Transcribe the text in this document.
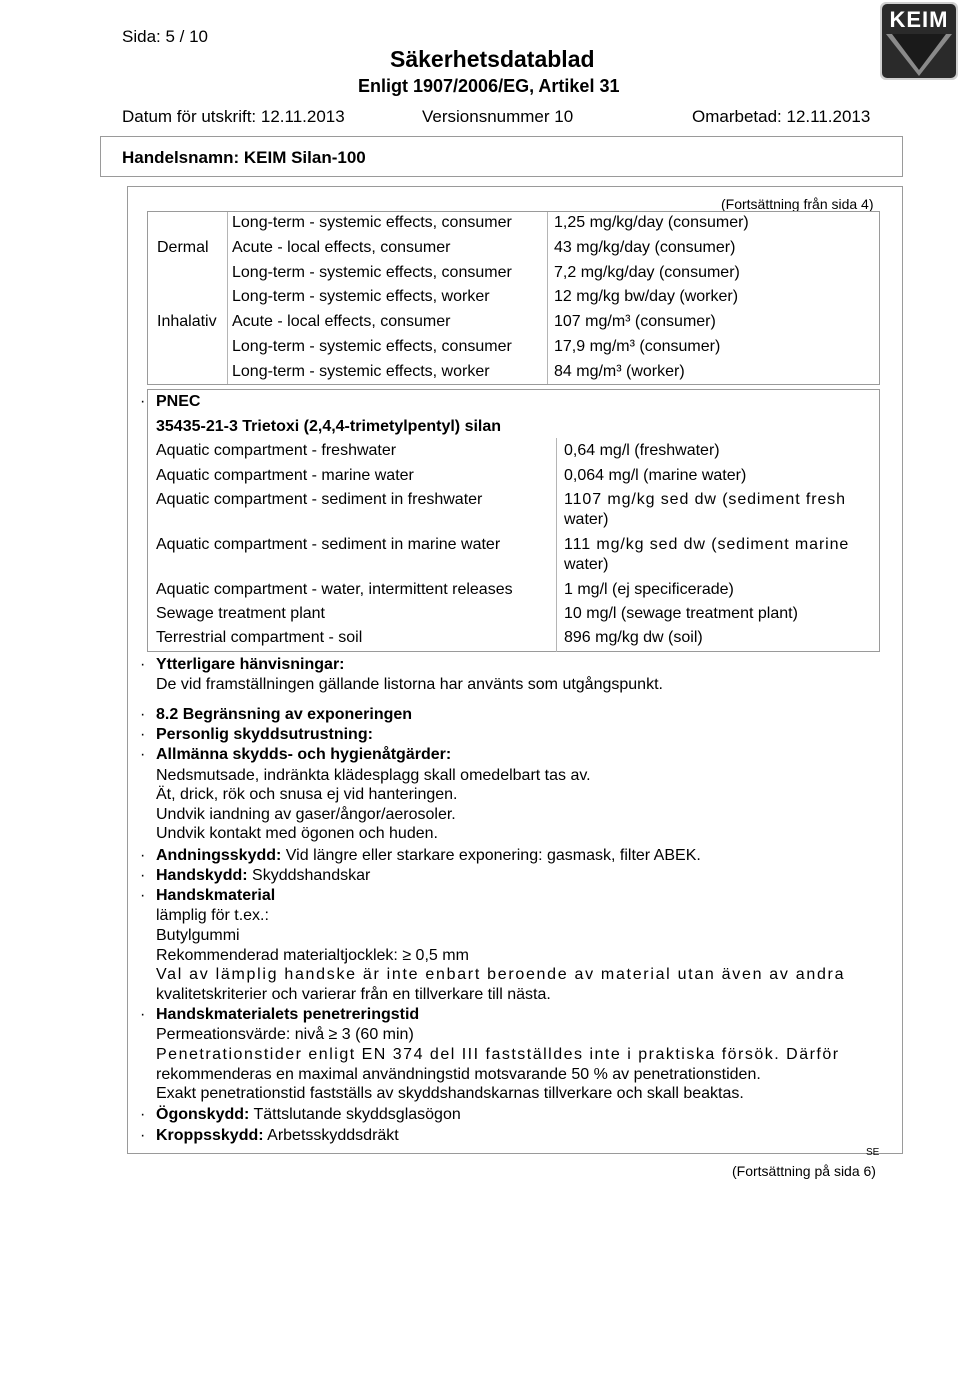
Sida: 5 / 10
Säkerhetsdatablad
Enligt 1907/2006/EG, Artikel 31
KEIM
Datum för utskrift: 12.11.2013	Versionsnummer 10	Omarbetad: 12.11.2013
Handelsnamn: KEIM Silan-100
(Fortsättning från sida 4)
Long-term - systemic effects, consumer	1,25 mg/kg/day (consumer)
Dermal Acute - local effects, consumer	43 mg/kg/day (consumer)
Long-term - systemic effects, consumer	7,2 mg/kg/day (consumer)
Long-term - systemic effects, worker	12 mg/kg bw/day (worker)
Inhalativ Acute - local effects, consumer	107 mg/m³ (consumer)
Long-term - systemic effects, consumer	17,9 mg/m³ (consumer)
Long-term - systemic effects, worker	84 mg/m³ (worker)
· PNEC
35435-21-3 Trietoxi (2,4,4-trimetylpentyl) silan
Aquatic compartment - freshwater	0,64 mg/l (freshwater)
Aquatic compartment - marine water	0,064 mg/l (marine water)
Aquatic compartment - sediment in freshwater	1107 mg/kg sed dw (sediment fresh
water)
Aquatic compartment - sediment in marine water	111 mg/kg sed dw (sediment marine
water)
Aquatic compartment - water, intermittent releases	1 mg/l (ej specificerade)
Sewage treatment plant	10 mg/l (sewage treatment plant)
Terrestrial compartment - soil	896 mg/kg dw (soil)
· Ytterligare hänvisningar:
De vid framställningen gällande listorna har använts som utgångspunkt.
· 8.2 Begränsning av exponeringen
· Personlig skyddsutrustning:
· Allmänna skydds- och hygienåtgärder:
Nedsmutsade, indränkta klädesplagg skall omedelbart tas av.
Ät, drick, rök och snusa ej vid hanteringen.
Undvik iandning av gaser/ångor/aerosoler.
Undvik kontakt med ögonen och huden.
· Andningsskydd: Vid längre eller starkare exponering: gasmask, filter ABEK.
· Handskydd: Skyddshandskar
· Handskmaterial
lämplig för t.ex.:
Butylgummi
Rekommenderad materialtjocklek: ≥ 0,5 mm
Val av lämplig handske är inte enbart beroende av material utan även av andra
kvalitetskriterier och varierar från en tillverkare till nästa.
· Handskmaterialets penetreringstid
Permeationsvärde: nivå ≥ 3 (60 min)
Penetrationstider enligt EN 374 del III fastställdes inte i praktiska försök. Därför
rekommenderas en maximal användningstid motsvarande 50 % av penetrationstiden.
Exakt penetrationstid fastställs av skyddshandskarnas tillverkare och skall beaktas.
· Ögonskydd: Tättslutande skyddsglasögon
· Kroppsskydd: Arbetsskyddsdräkt
SE
(Fortsättning på sida 6)
